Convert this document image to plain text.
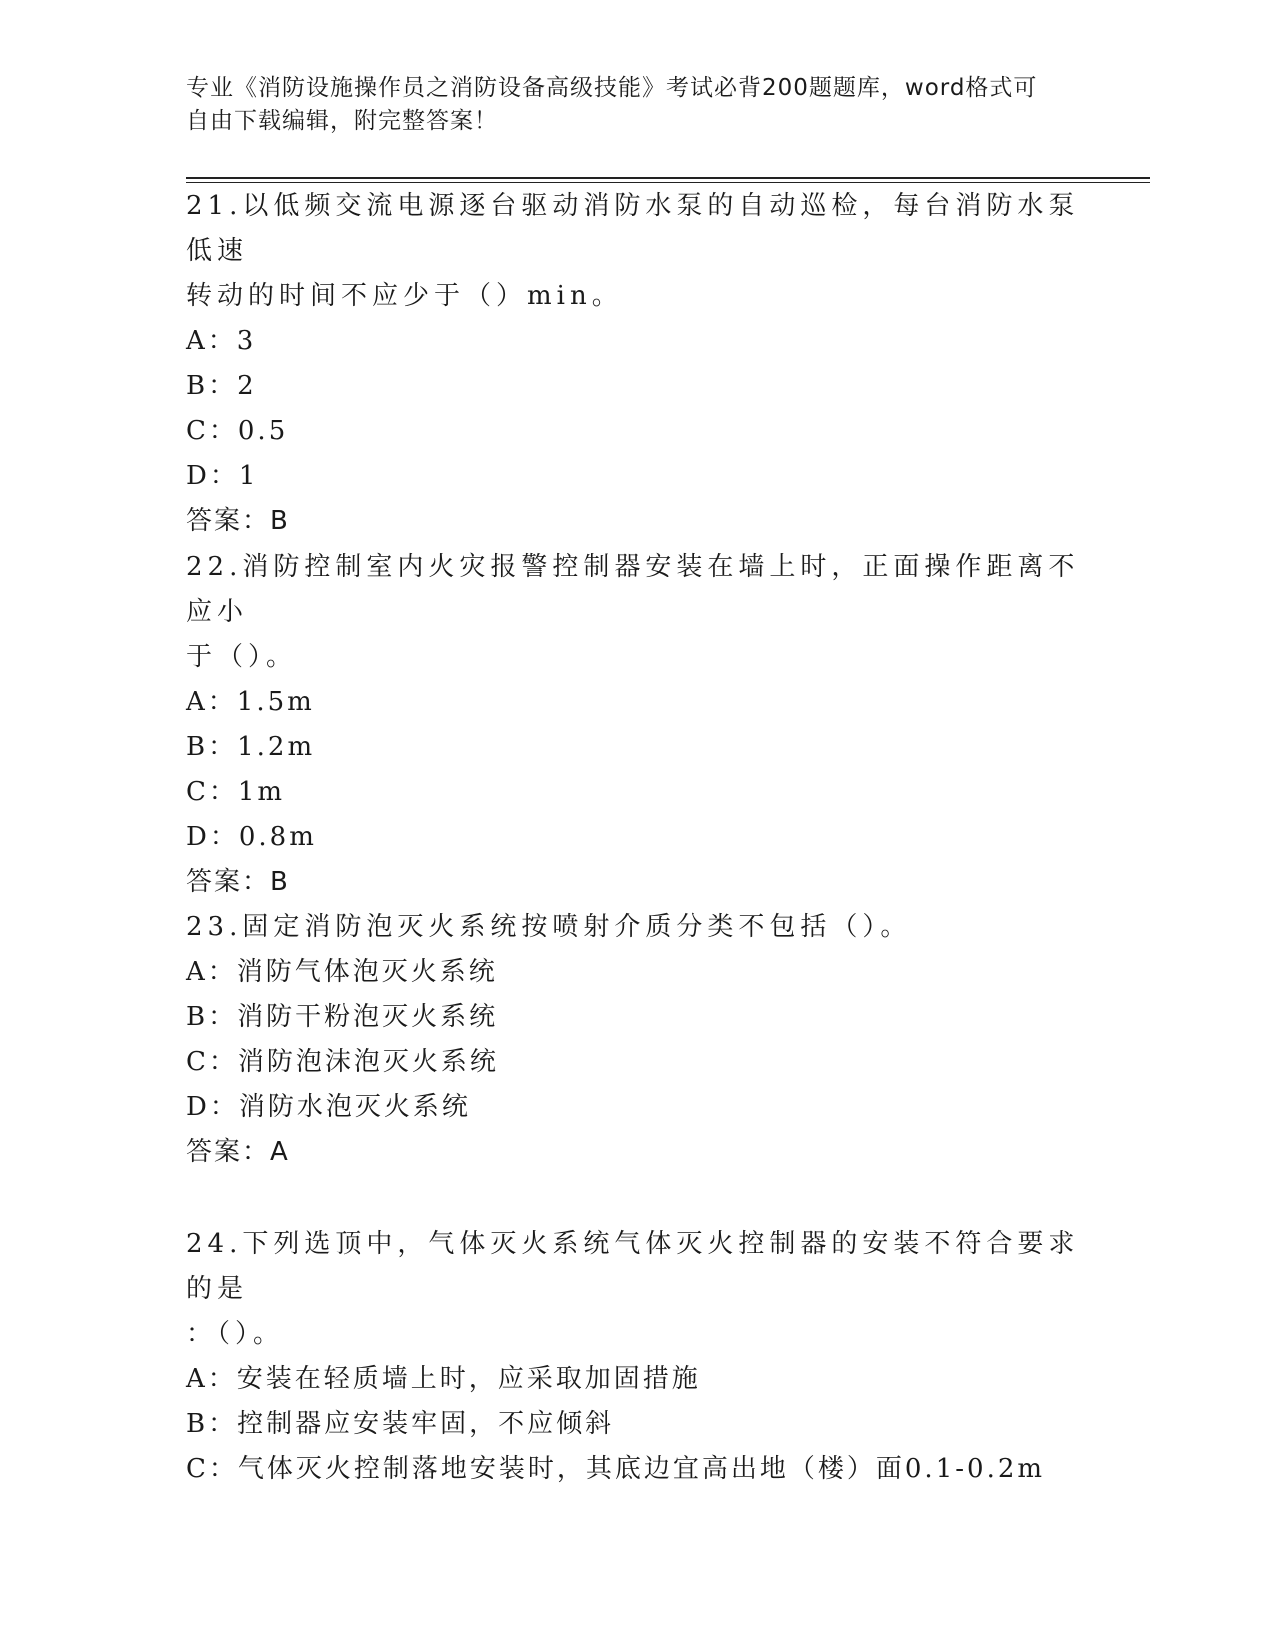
专业《消防设施操作员之消防设备高级技能》考试必背200题题库，word格式可
自由下载编辑，附完整答案！
21.以低频交流电源逐台驱动消防水泵的自动巡检，每台消防水泵低速
转动的时间不应少于（）min。
A：3
B：2
C：0.5
D：1
答案：B
22.消防控制室内火灾报警控制器安装在墙上时，正面操作距离不应小
于（）。
A：1.5m
B：1.2m
C：1m
D：0.8m
答案：B
23.固定消防泡灭火系统按喷射介质分类不包括（）。
A：消防气体泡灭火系统
B：消防干粉泡灭火系统
C：消防泡沫泡灭火系统
D：消防水泡灭火系统
答案：A
24.下列选顶中，气体灭火系统气体灭火控制器的安装不符合要求的是
：（）。
A：安装在轻质墙上时，应采取加固措施
B：控制器应安装牢固，不应倾斜
C：气体灭火控制落地安装时，其底边宜高出地（楼）面0.1-0.2m
